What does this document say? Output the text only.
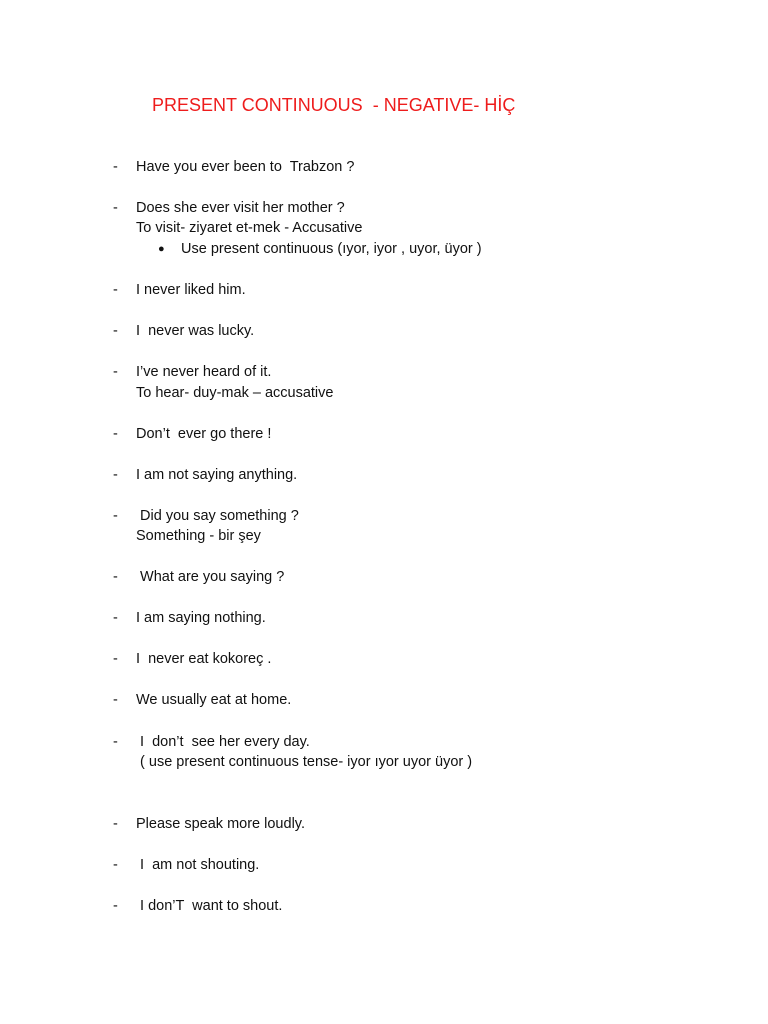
PRESENT CONTINUOUS  - NEGATIVE- HİÇ
- Have you ever been to  Trabzon ?
- Does she ever visit her mother ?
To visit- ziyaret et-mek - Accusative
● Use present continuous (ıyor, iyor , uyor, üyor )
- I never liked him.
- I  never was lucky.
- I’ve never heard of it.
To hear- duy-mak – accusative
- Don’t  ever go there !
- I am not saying anything.
- Did you say something ?
Something - bir şey
- What are you saying ?
- I am saying nothing.
- I  never eat kokoreç .
- We usually eat at home.
- I  don’t  see her every day.
( use present continuous tense- iyor ıyor uyor üyor )
- Please speak more loudly.
- I  am not shouting.
- I don’T  want to shout.
